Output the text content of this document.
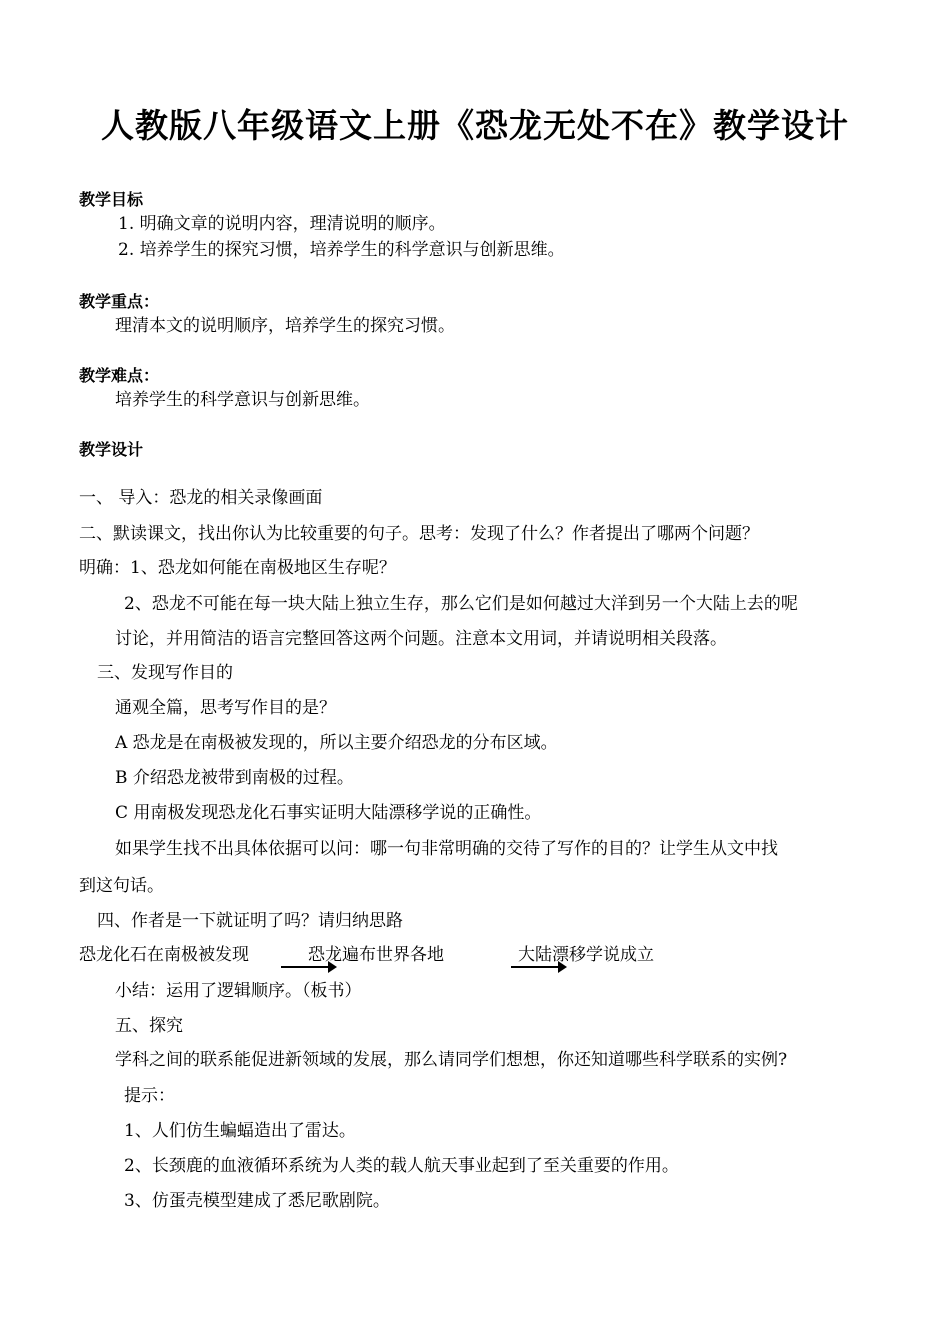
人教版八年级语文上册《恐龙无处不在》教学设计
教学目标
1. 明确文章的说明内容，理清说明的顺序。
2. 培养学生的探究习惯，培养学生的科学意识与创新思维。
教学重点：
理清本文的说明顺序，培养学生的探究习惯。
教学难点：
培养学生的科学意识与创新思维。
教学设计
一、 导入：恐龙的相关录像画面
二、默读课文，找出你认为比较重要的句子。思考：发现了什么？作者提出了哪两个问题？
明确：1、恐龙如何能在南极地区生存呢？
2、恐龙不可能在每一块大陆上独立生存，那么它们是如何越过大洋到另一个大陆上去的呢
讨论，并用简洁的语言完整回答这两个问题。注意本文用词，并请说明相关段落。
三、发现写作目的
通观全篇，思考写作目的是？
A 恐龙是在南极被发现的，所以主要介绍恐龙的分布区域。
B 介绍恐龙被带到南极的过程。
C 用南极发现恐龙化石事实证明大陆漂移学说的正确性。
如果学生找不出具体依据可以问：哪一句非常明确的交待了写作的目的？让学生从文中找
到这句话。
四、作者是一下就证明了吗？请归纳思路
恐龙化石在南极被发现	恐龙遍布世界各地	大陆漂移学说成立
小结：运用了逻辑顺序。（板书）
五、探究
学科之间的联系能促进新领域的发展，那么请同学们想想，你还知道哪些科学联系的实例?
提示：
1、人们仿生蝙蝠造出了雷达。
2、长颈鹿的血液循环系统为人类的载人航天事业起到了至关重要的作用。
3、仿蛋壳模型建成了悉尼歌剧院。
